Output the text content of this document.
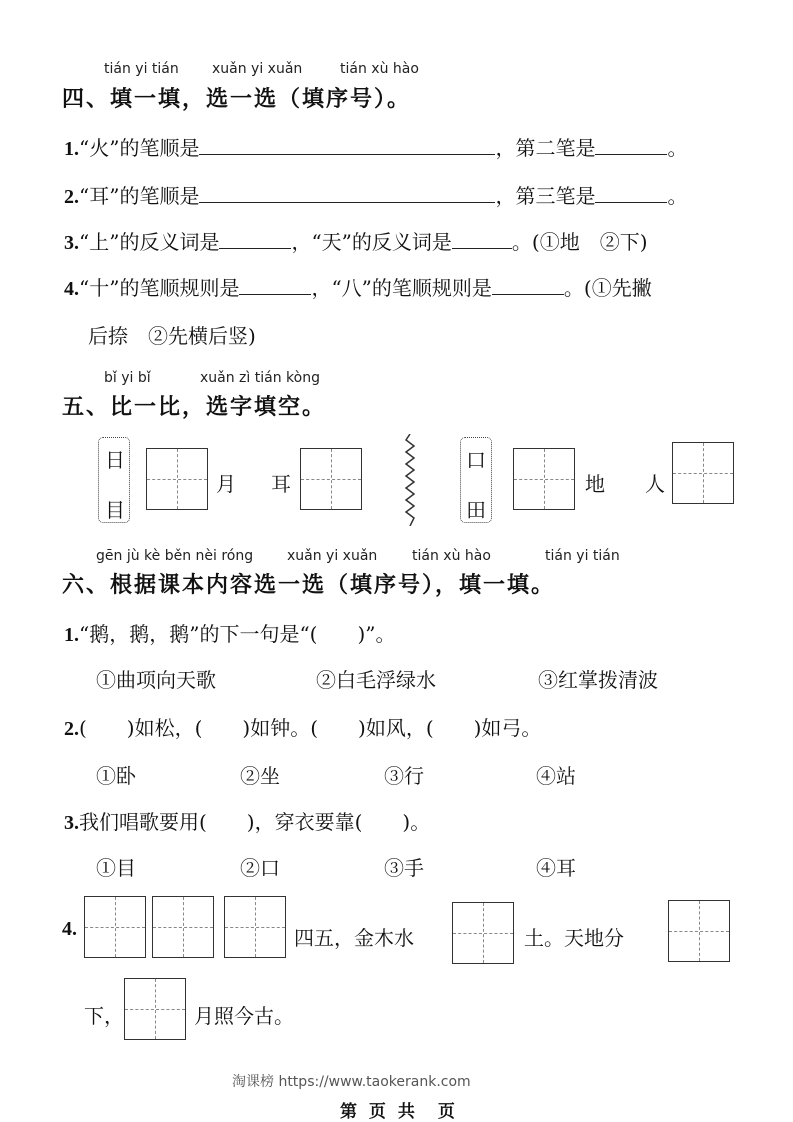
tián yi tián xuǎn yi xuǎn	tián xù hào
四、填一填，选一选（填序号）。
1.“火”的笔顺是	，第二笔是	。
2.“耳”的笔顺是	，第三笔是	。
3.“上”的反义词是	，“天”的反义词是	。(①地　②下)
4.“十”的笔顺规则是	，“八”的笔顺规则是	。(①先撇
后捺　②先横后竖)
bǐ yi bǐ	xuǎn zì tián kòng
五、比一比，选字填空。
日
目
月 耳
口
田
地 人
gēn jù kè běn nèi róng xuǎn yi xuǎn tián xù hào	tián yi tián
六、根据课本内容选一选（填序号），填一填。
1.“鹅，鹅，鹅”的下一句是“(　　)”。
①曲项向天歌	②白毛浮绿水	③红掌拨清波
2.(　　)如松，(　　)如钟。(　　)如风，(　　)如弓。
①卧	②坐	③行	④站
3.我们唱歌要用(　　)，穿衣要靠(　　)。
①目	②口	③手	④耳
4.	四五，金木水	土。天地分
下，	月照今古。
淘课榜 https://www.taokerank.com
第 页 共　页
